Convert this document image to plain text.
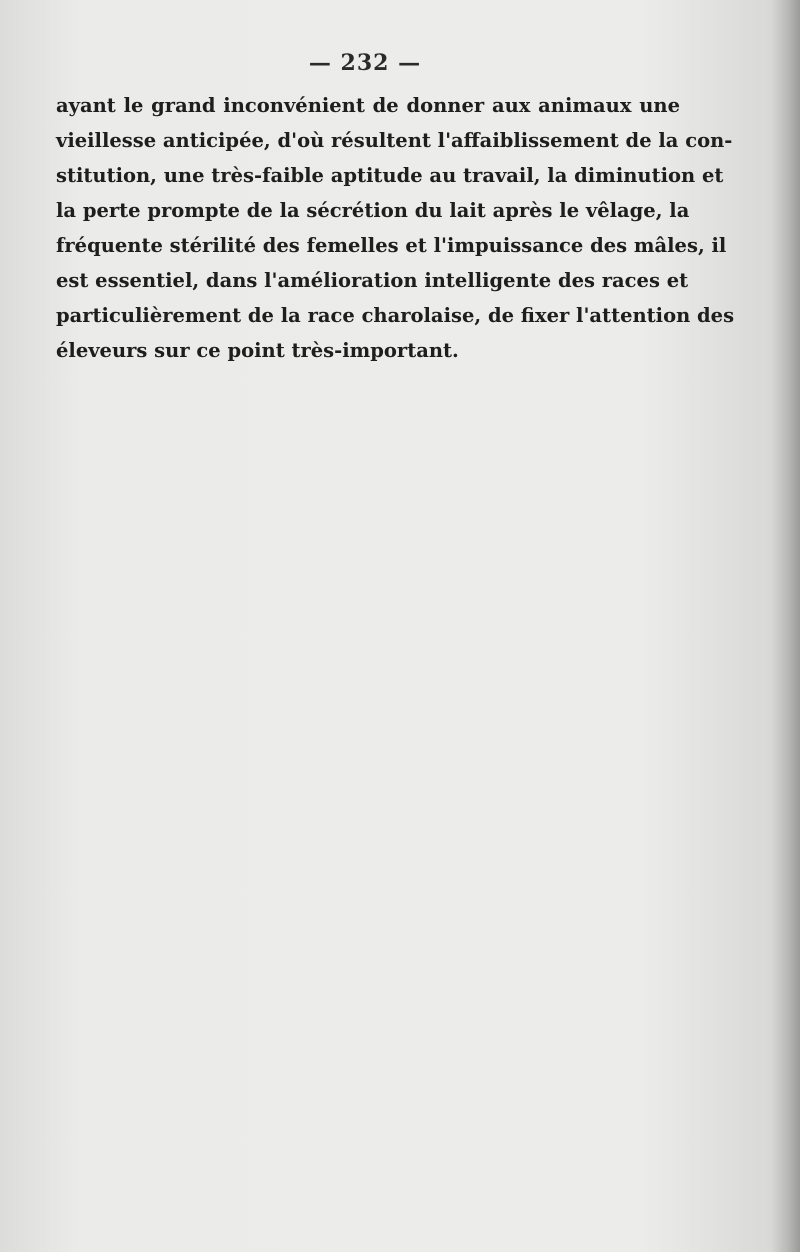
— 232 —
ayant le grand inconvénient de donner aux animaux une
vieillesse anticipée, d'où résultent l'affaiblissement de la con-
stitution, une très-faible aptitude au travail, la diminution et
la perte prompte de la sécrétion du lait après le vêlage, la
fréquente stérilité des femelles et l'impuissance des mâles, il
est essentiel, dans l'amélioration intelligente des races et
particulièrement de la race charolaise, de fixer l'attention des
éleveurs sur ce point très-important.
